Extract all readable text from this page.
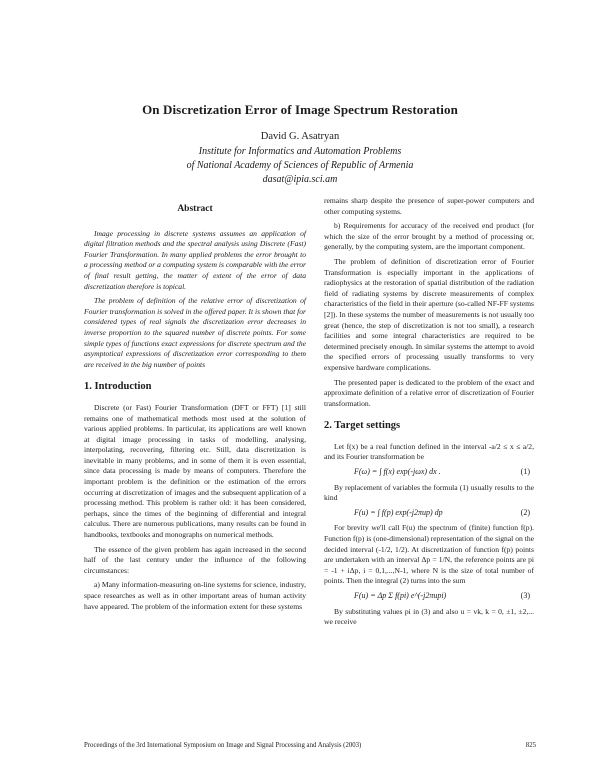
On Discretization Error of Image Spectrum Restoration
David G. Asatryan
Institute for Informatics and Automation Problems
of National Academy of Sciences of Republic of Armenia
dasat@ipia.sci.am
Abstract

Image processing in discrete systems assumes an application of digital filtration methods and the spectral analysis using Discrete (Fast) Fourier Transformation. In many applied problems the error brought to a processing method or a computing system is comparable with the error of final result getting, the matter of extent of the error of data discretization therefore is topical.

The problem of definition of the relative error of discretization of Fourier transformation is solved in the offered paper. It is shown that for considered types of real signals the discretization error decreases in inverse proportion to the squared number of discrete points. For some simple types of functions exact expressions for discrete spectrum and the asymptotical expressions of discretization error corresponding to them are received in the big number of points

1. Introduction

Discrete (or Fast) Fourier Transformation (DFT or FFT) [1] still remains one of mathematical methods most used at the solution of various applied problems. In particular, its applications are well known at digital image processing in tasks of modelling, analysing, interpolating, recovering, filtering etc. Still, data discretization is inevitable in many problems, and in some of them it is even essential, since data processing is made by means of computers. Therefore the important problem is the definition or the estimation of the errors occurring at discretization of images and the subsequent application of a processing method. This problem is rather old: it has been considered, perhaps, since the times of the beginning of differential and integral calculus. There are numerous publications, many results can be found in handbooks, textbooks and monographs on numerical methods.

The essence of the given problem has again increased in the second half of the last century under the influence of the following circumstances:

a) Many information-measuring on-line systems for science, industry, space researches as well as in other important areas of human activity have appeared. The problem of the information extent for these systems

remains sharp despite the presence of super-power computers and other computing systems.

b) Requirements for accuracy of the received end product (for which the size of the error brought by a method of processing or, generally, by the computing system, are the important component.

The problem of definition of discretization error of Fourier Transformation is especially important in the applications of radiophysics at the restoration of spatial distribution of the radiation field of radiating systems by discrete measurements of complex characteristics of the field in their aperture (so-called NF-FF systems [2]). In these systems the number of measurements is not usually too great (hence, the step of discretization is not too small), a research facilities and some integral characteristics are required to be determined precisely enough. In similar systems the attempt to avoid the specified errors of processing usually transforms to very expensive hardware complications.

The presented paper is dedicated to the problem of the exact and approximate definition of a relative error of discretization of Fourier transformation.

2. Target settings

Let f(x) be a real function defined in the interval -a/2 ≤ x ≤ a/2, and its Fourier transformation be

F(ω) = ∫ f(x) exp(-jωx) dx .	(1)

By replacement of variables the formula (1) usually results to the kind

F(u) = ∫ f(p) exp(-j2πup) dp	(2)

For brevity we'll call F(u) the spectrum of (finite) function f(p). Function f(p) is (one-dimensional) representation of the signal on the decided interval (-1/2, 1/2). At discretization of function f(p) points are undertaken with an interval Δp = 1/N, the reference points are pi = -1 + iΔp, i = 0,1,...,N-1, where N is the size of total number of points. Then the integral (2) turns into the sum

F(u) = Δp Σ f(pi) e^(-j2πupi)	(3)

By substituting values pi in (3) and also u = vk, k = 0, ±1, ±2,... we receive

Proceedings of the 3rd International Symposium on Image and Signal Processing and Analysis (2003)	825
